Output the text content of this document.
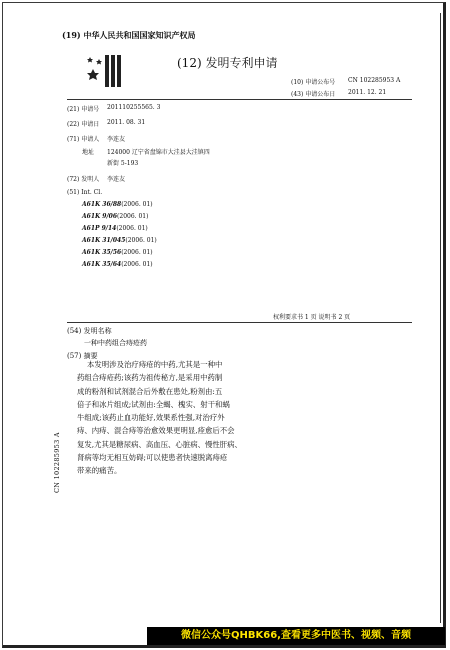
(19) 中华人民共和国国家知识产权局
(12) 发明专利申请
(10) 申请公布号 CN 102285953 A
(43) 申请公布日 2011. 12. 21
(21) 申请号 201110255565. 3
(22) 申请日 2011. 08. 31
(71) 申请人 李连友
地址 124000 辽宁省盘锦市大洼县大洼镇四
新街 5-193
(72) 发明人 李连友
(51) Int. Cl.
A61K 36/88(2006. 01)
A61K 9/06(2006. 01)
A61P 9/14(2006. 01)
A61K 31/045(2006. 01)
A61K 35/56(2006. 01)
A61K 35/64(2006. 01)
权利要求书 1 页 说明书 2 页
(54) 发明名称
一种中药组合痔疮药
(57) 摘要
本发明涉及治疗痔疮的中药,尤其是一种中
药组合痔疮药;该药为祖传秘方,是采用中药制
成的粉剂和试剂混合后外敷在患处,粉剂由:五
倍子和冰片组成;试剂由:全蝎、槐实、射干和蜗
牛组成;该药止血功能好,效果系性强,对治疗外
痔、内痔、混合痔等治愈效果更明显,痊愈后不会
复发,尤其是糖尿病、高血压、心脏病、慢性肝病、
肾病等均无相互妨碍;可以使患者快速脱离痔疮
带来的痛苦。
CN 102285953 A
微信公众号QHBK66,查看更多中医书、视频、音频
